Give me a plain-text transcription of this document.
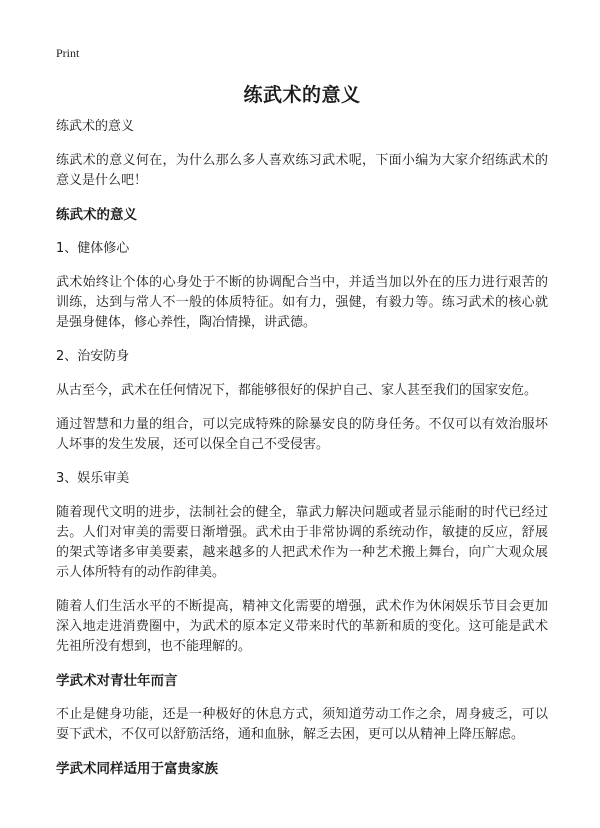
Print
练武术的意义

练武术的意义

练武术的意义何在，为什么那么多人喜欢练习武术呢，下面小编为大家介绍练武术的意义是什么吧！

练武术的意义

1、健体修心

武术始终让个体的心身处于不断的协调配合当中，并适当加以外在的压力进行艰苦的训练，达到与常人不一般的体质特征。如有力，强健，有毅力等。练习武术的核心就是强身健体，修心养性，陶冶情操，讲武德。

2、治安防身

从古至今，武术在任何情况下，都能够很好的保护自己、家人甚至我们的国家安危。

通过智慧和力量的组合，可以完成特殊的除暴安良的防身任务。不仅可以有效治服坏人坏事的发生发展，还可以保全自己不受侵害。

3、娱乐审美

随着现代文明的进步，法制社会的健全，靠武力解决问题或者显示能耐的时代已经过去。人们对审美的需要日渐增强。武术由于非常协调的系统动作，敏捷的反应，舒展的架式等诸多审美要素，越来越多的人把武术作为一种艺术搬上舞台，向广大观众展示人体所特有的动作韵律美。

随着人们生活水平的不断提高，精神文化需要的增强，武术作为休闲娱乐节目会更加深入地走进消费圈中，为武术的原本定义带来时代的革新和质的变化。这可能是武术先祖所没有想到，也不能理解的。

学武术对青壮年而言

不止是健身功能，还是一种极好的休息方式，须知道劳动工作之余，周身疲乏，可以耍下武术，不仅可以舒筋活络，通和血脉，解乏去困，更可以从精神上降压解虑。

学武术同样适用于富贵家族
